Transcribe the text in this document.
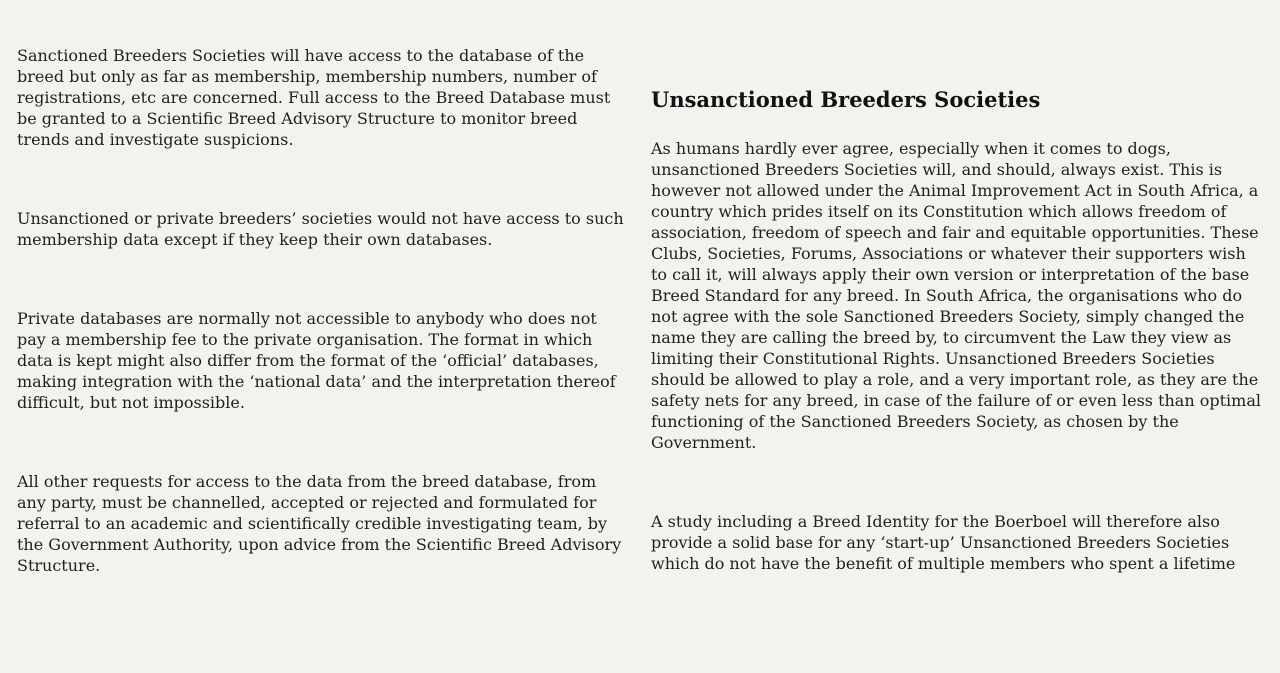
Sanctioned Breeders Societies will have access to the database of the breed but only as far as membership, membership numbers, number of registrations, etc are concerned. Full access to the Breed Database must be granted to a Scientific Breed Advisory Structure to monitor breed trends and investigate suspicions.

Unsanctioned or private breeders’ societies would not have access to such membership data except if they keep their own databases.

Private databases are normally not accessible to anybody who does not pay a membership fee to the private organisation. The format in which data is kept might also differ from the format of the ‘official’ databases, making integration with the ‘national data’ and the interpretation thereof difficult, but not impossible.

All other requests for access to the data from the breed database, from any party, must be channelled, accepted or rejected and formulated for referral to an academic and scientifically credible investigating team, by the Government Authority, upon advice from the Scientific Breed Advisory Structure.

Unsanctioned Breeders Societies

As humans hardly ever agree, especially when it comes to dogs, unsanctioned Breeders Societies will, and should, always exist. This is however not allowed under the Animal Improvement Act in South Africa, a country which prides itself on its Constitution which allows freedom of association, freedom of speech and fair and equitable opportunities. These Clubs, Societies, Forums, Associations or whatever their supporters wish to call it, will always apply their own version or interpretation of the base Breed Standard for any breed. In South Africa, the organisations who do not agree with the sole Sanctioned Breeders Society, simply changed the name they are calling the breed by, to circumvent the Law they view as limiting their Constitutional Rights. Unsanctioned Breeders Societies should be allowed to play a role, and a very important role, as they are the safety nets for any breed, in case of the failure of or even less than optimal functioning of the Sanctioned Breeders Society, as chosen by the Government.

A study including a Breed Identity for the Boerboel will therefore also provide a solid base for any ‘start-up’ Unsanctioned Breeders Societies which do not have the benefit of multiple members who spent a lifetime
